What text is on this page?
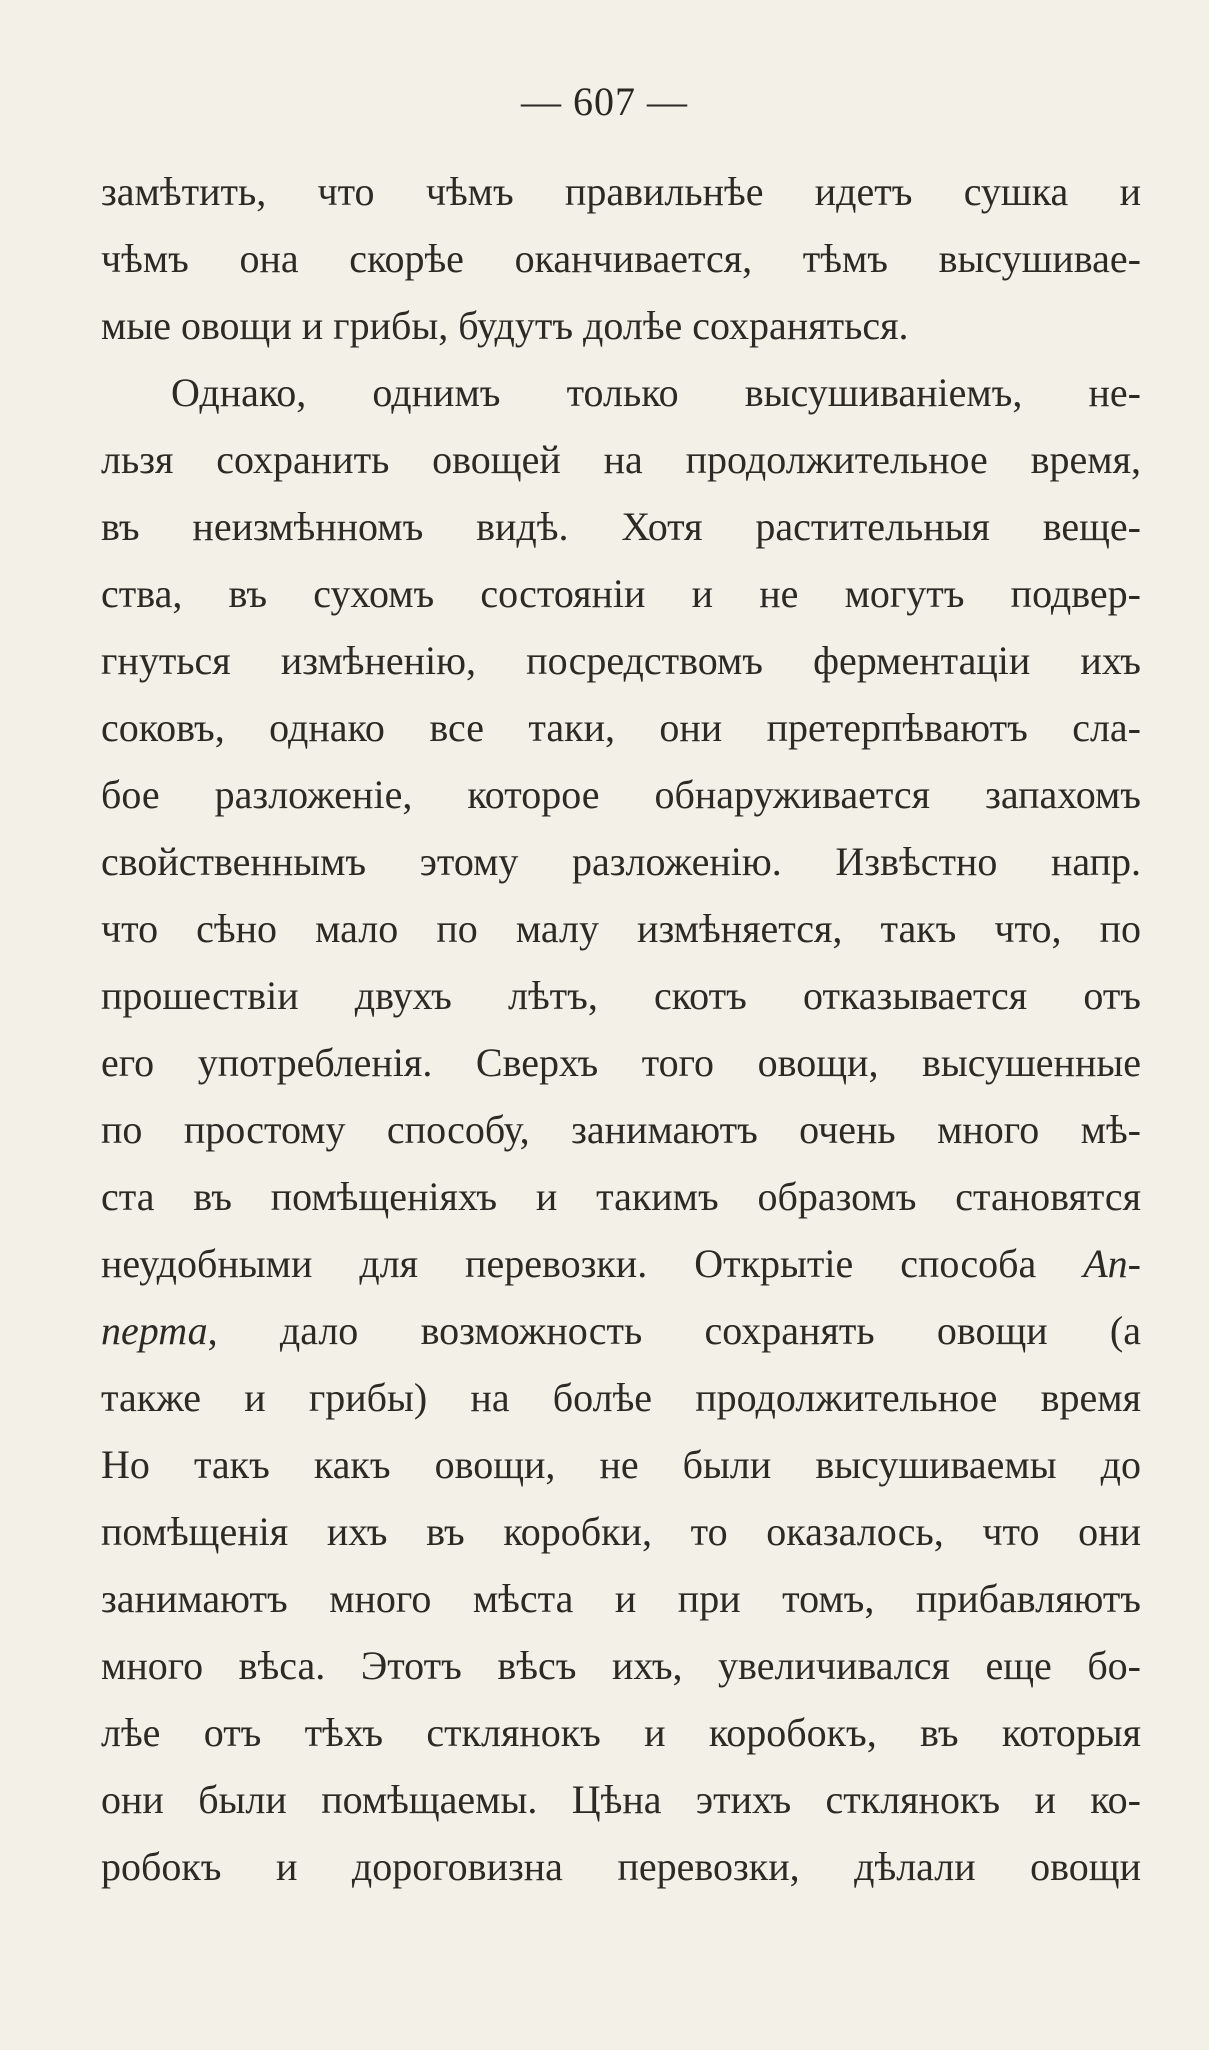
— 607 —
замѣтить, что чѣмъ правильнѣе идетъ сушка и
чѣмъ она скорѣе оканчивается, тѣмъ высушивае-
мые овощи и грибы, будутъ долѣе сохраняться.
Однако, однимъ только высушиваніемъ, не-
льзя сохранить овощей на продолжительное время,
въ неизмѣнномъ видѣ. Хотя растительныя веще-
ства, въ сухомъ состояніи и не могутъ подвер-
гнуться измѣненію, посредствомъ ферментаціи ихъ
соковъ, однако все таки, они претерпѣваютъ сла-
бое разложеніе, которое обнаруживается запахомъ
свойственнымъ этому разложенію. Извѣстно напр.
что сѣно мало по малу измѣняется, такъ что, по
прошествіи двухъ лѣтъ, скотъ отказывается отъ
его употребленія. Сверхъ того овощи, высушенные
по простому способу, занимаютъ очень много мѣ-
ста въ помѣщеніяхъ и такимъ образомъ становятся
неудобными для перевозки. Открытіе способа Ап-
перта, дало возможность сохранять овощи (а
также и грибы) на болѣе продолжительное время
Но такъ какъ овощи, не были высушиваемы до
помѣщенія ихъ въ коробки, то оказалось, что они
занимаютъ много мѣста и при томъ, прибавляютъ
много вѣса. Этотъ вѣсъ ихъ, увеличивался еще бо-
лѣе отъ тѣхъ стклянокъ и коробокъ, въ которыя
они были помѣщаемы. Цѣна этихъ стклянокъ и ко-
робокъ и дороговизна перевозки, дѣлали овощи
